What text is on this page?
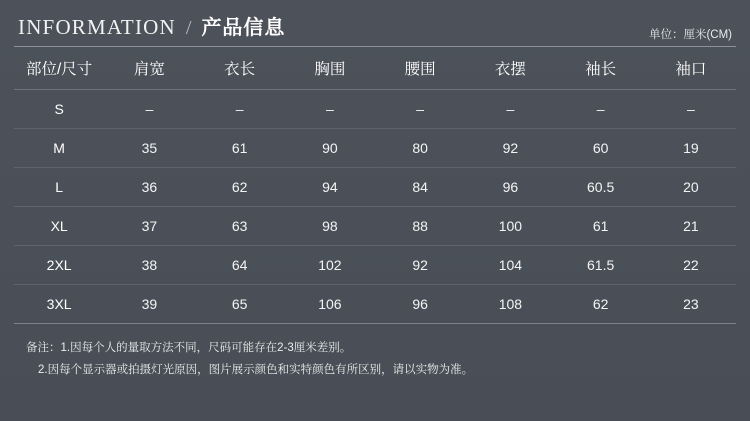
INFORMATION / 产品信息	单位：厘米(CM)
部位/尺寸	肩宽	衣长	胸围	腰围	衣摆	袖长	袖口
S	–	–	–	–	–	–	–
M	35	61	90	80	92	60	19
L	36	62	94	84	96	60.5	20
XL	37	63	98	88	100	61	21
2XL	38	64	102	92	104	61.5	22
3XL	39	65	106	96	108	62	23
备注：1.因每个人的量取方法不同，尺码可能存在2-3厘米差别。
2.因每个显示器或拍摄灯光原因，图片展示颜色和实特颜色有所区别，请以实物为准。
